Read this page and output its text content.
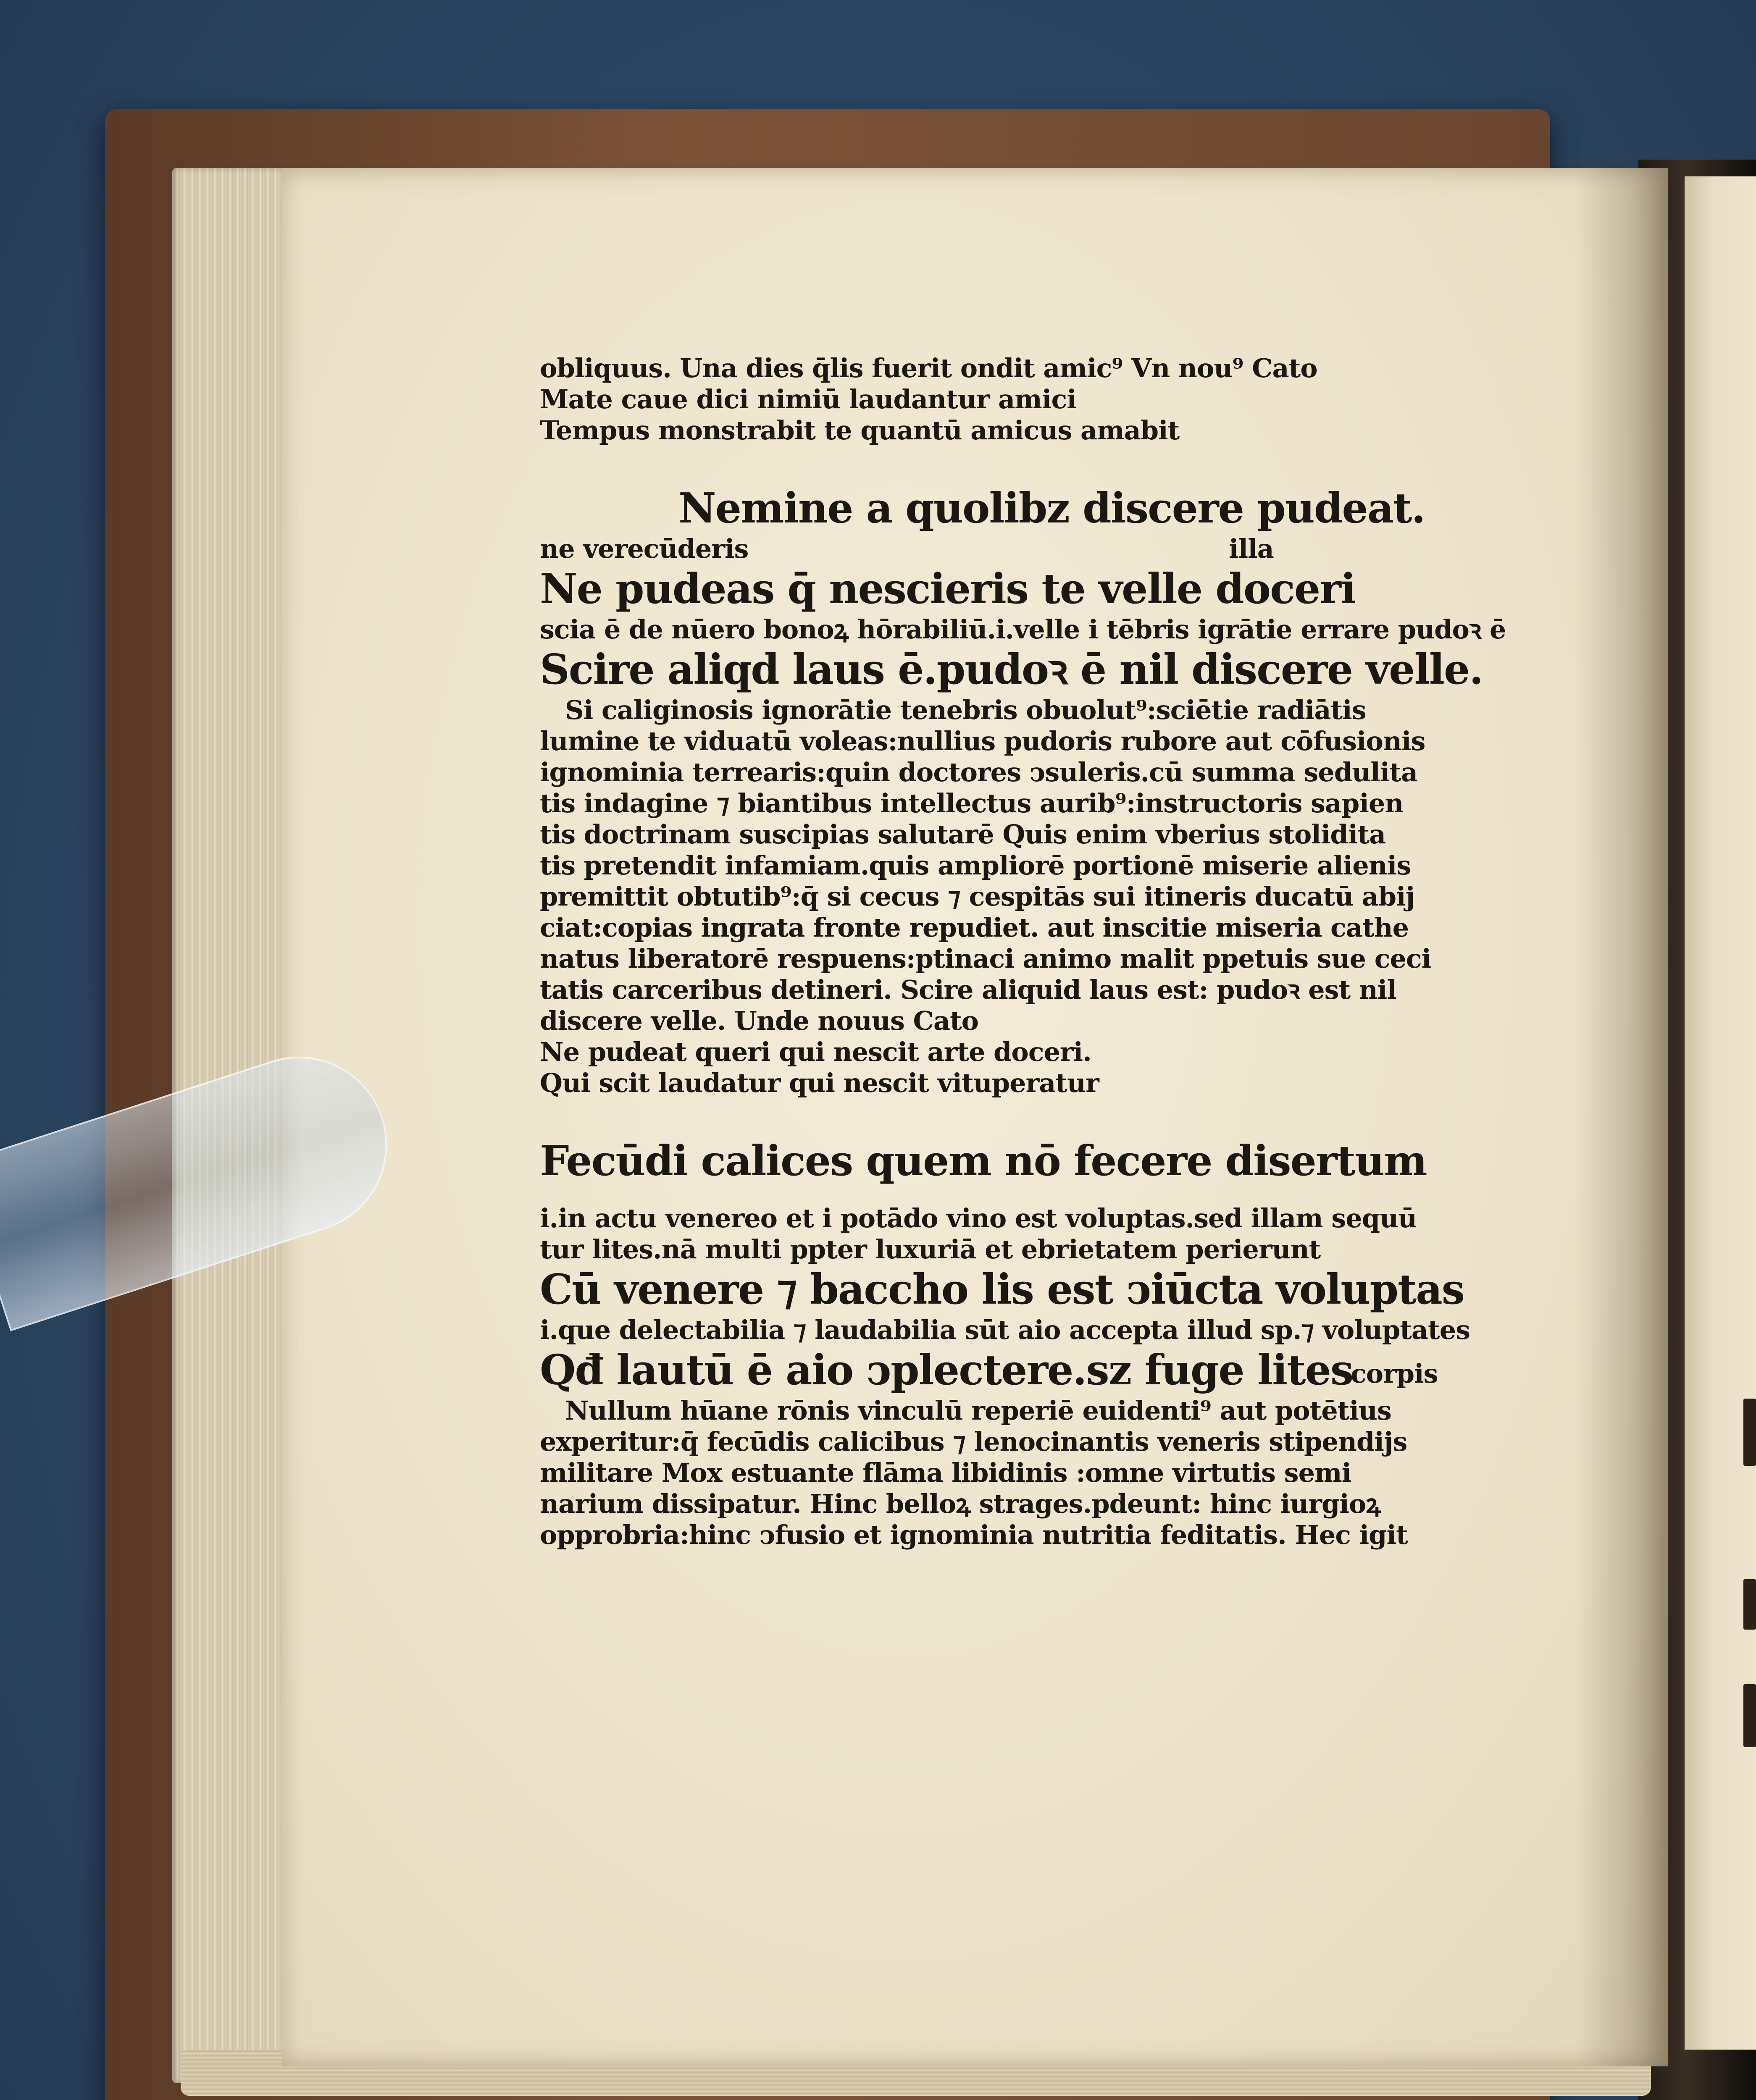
obliquus. Una dies q̄lis fuerit ondit amic⁹ Vn nou⁹ Cato
Mate caue dici nimiū laudantur amici
Tempus monstrabit te quantū amicus amabit
Nemine a quolibz discere pudeat.
ne verecūderis	illa
Ne pudeas q̄ nescieris te velle doceri
scia ē de nūero bonoꝝ hōrabiliū.i.velle i tēbris igrātie errare pudoꝛ ē
Scire aliqd laus ē.pudoꝛ ē nil discere velle.
Si caliginosis ignorātie tenebris obuolut⁹:sciētie radiātis
lumine te viduatū voleas:nullius pudoris rubore aut cōfusionis
ignominia terrearis:quin doctores ↄsuleris.cū summa sedulita
tis indagine ⁊ biantibus intellectus aurib⁹:instructoris sapien
tis doctrinam suscipias salutarē Quis enim vberius stolidita
tis pretendit infamiam.quis ampliorē portionē miserie alienis
premittit obtutib⁹:q̄ si cecus ⁊ cespitās sui itineris ducatū abij
ciat:copias ingrata fronte repudiet. aut inscitie miseria cathe
natus liberatorē respuens:ptinaci animo malit ppetuis sue ceci
tatis carceribus detineri. Scire aliquid laus est: pudoꝛ est nil
discere velle. Unde nouus Cato
Ne pudeat queri qui nescit arte doceri.
Qui scit laudatur qui nescit vituperatur
Fecūdi calices quem nō fecere disertum
i.in actu venereo et i potādo vino est voluptas.sed illam sequū
tur lites.nā multi ppter luxuriā et ebrietatem perierunt
Cū venere ⁊ baccho lis est ↄiūcta voluptas
i.que delectabilia ⁊ laudabilia sūt aio accepta illud sp.⁊ voluptates
Qđ lautū ē aio ↄplectere.sz fuge lites
corpis
Nullum hūane rōnis vinculū reperiē euidenti⁹ aut potētius
experitur:q̄ fecūdis calicibus ⁊ lenocinantis veneris stipendijs
militare Mox estuante flāma libidinis :omne virtutis semi
narium dissipatur. Hinc belloꝝ strages.pdeunt: hinc iurgioꝝ
opprobria:hinc ↄfusio et ignominia nutritia feditatis. Hec igit
